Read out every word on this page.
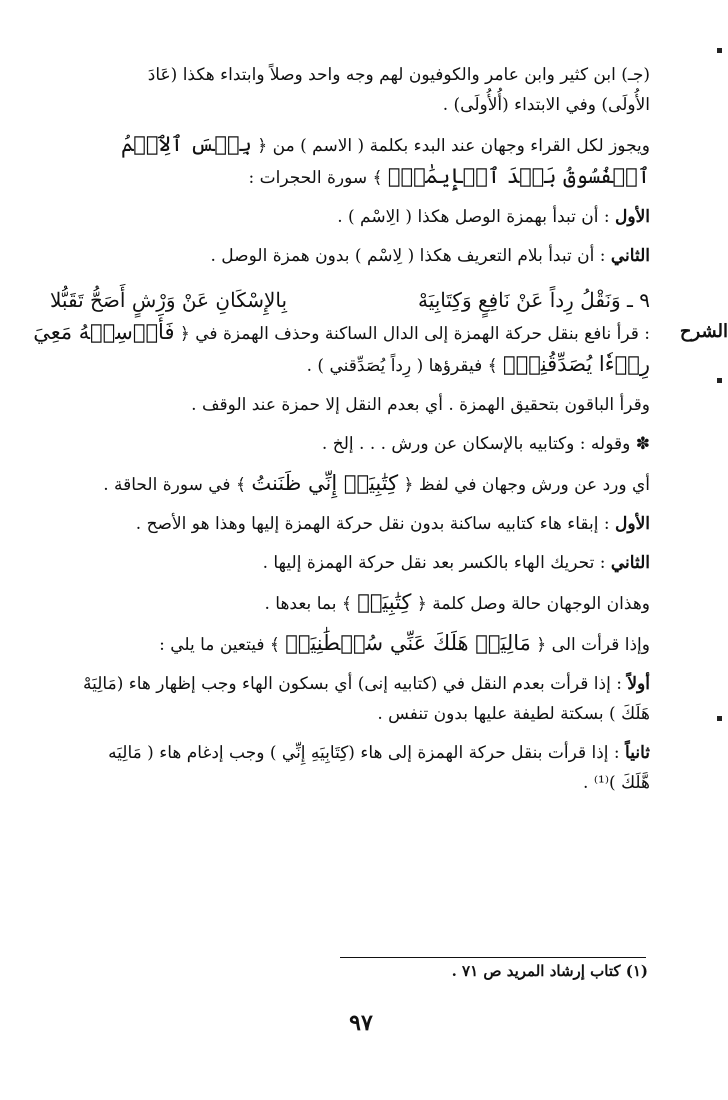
(جـ) ابن كثير وابن عامر والكوفيون لهم وجه واحد وصلاً وابتداء هكذا (عَادَ

الأُولَى) وفي الابتداء (أُلأُولَى) .

ويجوز لكل القراء وجهان عند البدء بكلمة ( الاسم ) من ﴿ بِئۡسَ ٱلِٱسۡمُ

ٱلۡفُسُوقُ بَعۡدَ ٱلۡإِيمَٰنِۚ ﴾ سورة الحجرات :

الأول : أن تبدأ بهمزة الوصل هكذا ( الِاسْم ) .

الثاني : أن تبدأ بلام التعريف هكذا ( لِاسْم ) بدون همزة الوصل .

٩ ـ وَنَقْلُ رِداً عَنْ نَافِعٍ وَكِتَابِيَهْ
بِالإِسْكَانِ عَنْ وَرْشٍ أَصَحُّ تَقَبُّلا
الشرح

: قرأ نافع بنقل حركة الهمزة إلى الدال الساكنة وحذف الهمزة في ﴿ فَأَرۡسِلۡهُ مَعِيَ

رِدۡءٗا يُصَدِّقُنِيٓۖ ﴾ فيقرؤها ( رِداً يُصَدِّقني ) .

وقرأ الباقون بتحقيق الهمزة . أي بعدم النقل إلا حمزة عند الوقف .

✽ وقوله : وكتابيه بالإسكان عن ورش . . . إلخ .

أي ورد عن ورش وجهان في لفظ ﴿ كِتَٰبِيَهۡ إِنِّي ظَنَنتُ ﴾ في سورة الحاقة .

الأول : إبقاء هاء كتابيه ساكنة بدون نقل حركة الهمزة إليها وهذا هو الأصح .

الثاني : تحريك الهاء بالكسر بعد نقل حركة الهمزة إليها .

وهذان الوجهان حالة وصل كلمة ﴿ كِتَٰبِيَهۡ ﴾ بما بعدها .

وإذا قرأت الى ﴿ مَالِيَهۡ هَلَكَ عَنِّي سُلۡطَٰنِيَهۡ ﴾ فيتعين ما يلي :

أولاً : إذا قرأت بعدم النقل في (كتابيه إنى) أي بسكون الهاء وجب إظهار هاء (مَالِيَهْ

هَلَكَ ) بسكتة لطيفة عليها بدون تنفس .

ثانياً : إذا قرأت بنقل حركة الهمزة إلى هاء (كِتَابِيَهِ إِنِّي ) وجب إدغام هاء ( مَالِيَه

هَّلَكَ )⁽¹⁾ .

(١) كتاب إرشاد المريد ص ٧١ .
٩٧
